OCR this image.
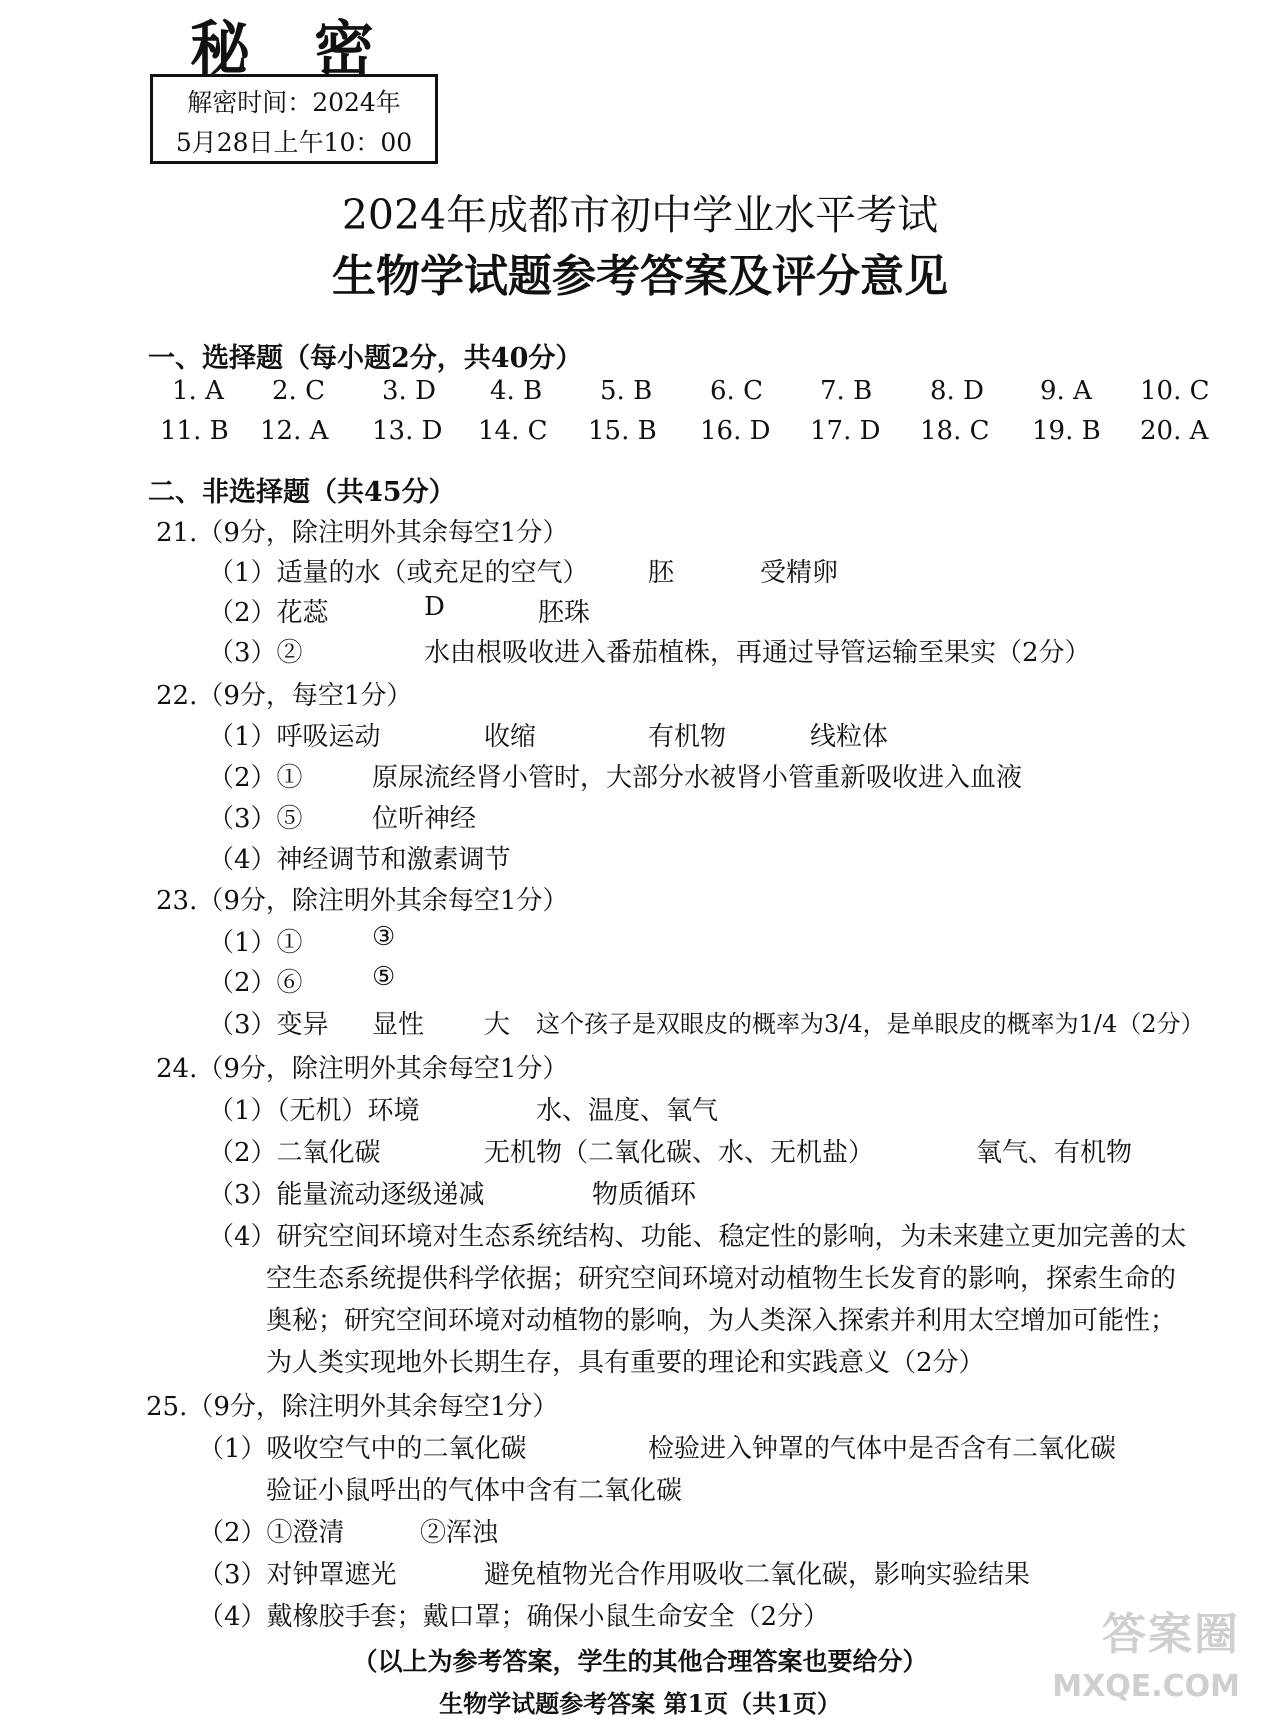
秘密
解密时间：2024年
5月28日上午10：00
2024年成都市初中学业水平考试
生物学试题参考答案及评分意见
一、选择题（每小题2分，共40分）
1. A 2. C 3. D 4. B 5. B 6. C 7. B 8. D 9. A 10. C
11. B 12. A 13. D 14. C 15. B 16. D 17. D 18. C 19. B 20. A
二、非选择题（共45分）
21.（9分，除注明外其余每空1分）
（1）适量的水（或充足的空气） 胚	受精卵
（2）花蕊	D	胚珠
（3）②	水由根吸收进入番茄植株，再通过导管运输至果实（2分）
22.（9分，每空1分）
（1）呼吸运动	收缩	有机物	线粒体
（2）①	原尿流经肾小管时，大部分水被肾小管重新吸收进入血液
（3）⑤	位听神经
（4）神经调节和激素调节
23.（9分，除注明外其余每空1分）
（1）①	③
（2）⑥	⑤
（3）变异 显性 大 这个孩子是双眼皮的概率为3/4，是单眼皮的概率为1/4（2分）
24.（9分，除注明外其余每空1分）
（1）（无机）环境	水、温度、氧气
（2）二氧化碳	无机物（二氧化碳、水、无机盐）	氧气、有机物
（3）能量流动逐级递减	物质循环
（4）研究空间环境对生态系统结构、功能、稳定性的影响，为未来建立更加完善的太
空生态系统提供科学依据；研究空间环境对动植物生长发育的影响，探索生命的
奥秘；研究空间环境对动植物的影响，为人类深入探索并利用太空增加可能性；
为人类实现地外长期生存，具有重要的理论和实践意义（2分）
25.（9分，除注明外其余每空1分）
（1）吸收空气中的二氧化碳	检验进入钟罩的气体中是否含有二氧化碳
验证小鼠呼出的气体中含有二氧化碳
（2）①澄清	②浑浊
（3）对钟罩遮光	避免植物光合作用吸收二氧化碳，影响实验结果
（4）戴橡胶手套；戴口罩；确保小鼠生命安全（2分）
（以上为参考答案，学生的其他合理答案也要给分）
生物学试题参考答案 第1页（共1页）
答案圈
MXQE.COM
